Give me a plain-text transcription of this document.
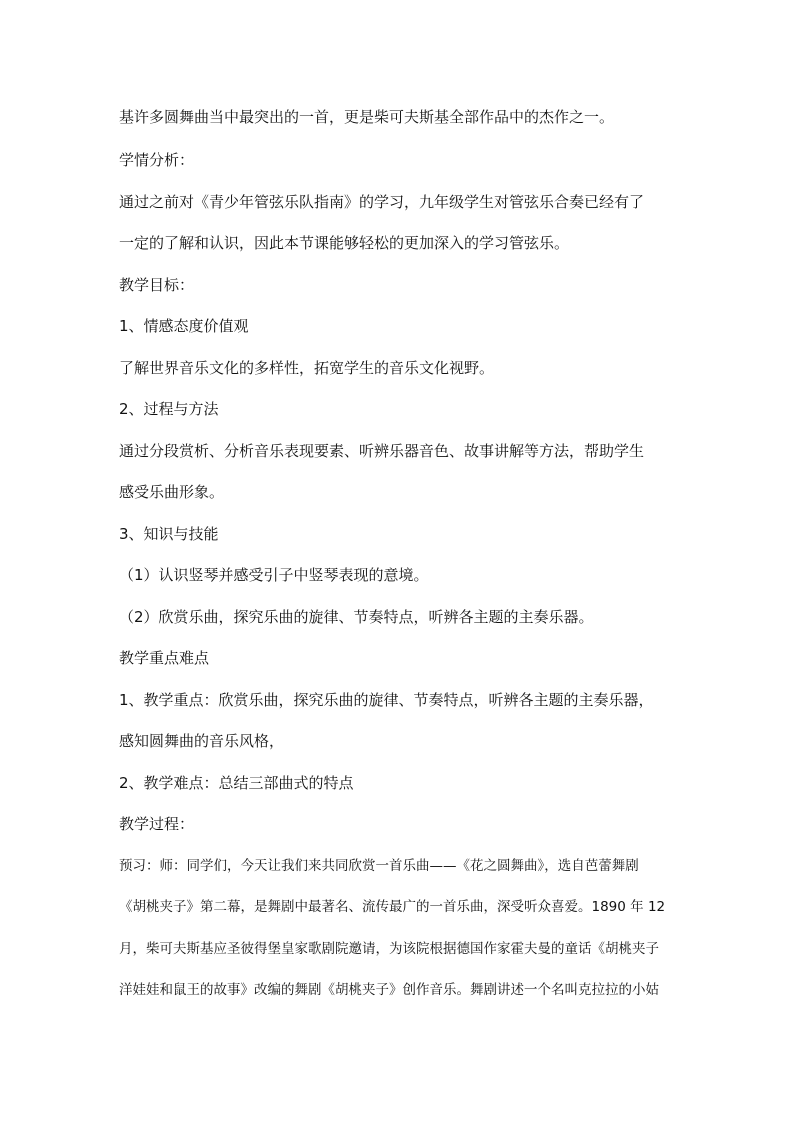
基许多圆舞曲当中最突出的一首，更是柴可夫斯基全部作品中的杰作之一。
学情分析：
通过之前对《青少年管弦乐队指南》的学习，九年级学生对管弦乐合奏已经有了
一定的了解和认识，因此本节课能够轻松的更加深入的学习管弦乐。
教学目标：
1、情感态度价值观
了解世界音乐文化的多样性，拓宽学生的音乐文化视野。
2、过程与方法
通过分段赏析、分析音乐表现要素、听辨乐器音色、故事讲解等方法，帮助学生
感受乐曲形象。
3、知识与技能
（1）认识竖琴并感受引子中竖琴表现的意境。
（2）欣赏乐曲，探究乐曲的旋律、节奏特点，听辨各主题的主奏乐器。
教学重点难点
1、教学重点：欣赏乐曲，探究乐曲的旋律、节奏特点，听辨各主题的主奏乐器，
感知圆舞曲的音乐风格，
2、教学难点：总结三部曲式的特点
教学过程：
预习：师：同学们，今天让我们来共同欣赏一首乐曲——《花之圆舞曲》，选自芭蕾舞剧
《胡桃夹子》第二幕，是舞剧中最著名、流传最广的一首乐曲，深受听众喜爱。1890 年 12
月，柴可夫斯基应圣彼得堡皇家歌剧院邀请，为该院根据德国作家霍夫曼的童话《胡桃夹子
洋娃娃和鼠王的故事》改编的舞剧《胡桃夹子》创作音乐。舞剧讲述一个名叫克拉拉的小姑
